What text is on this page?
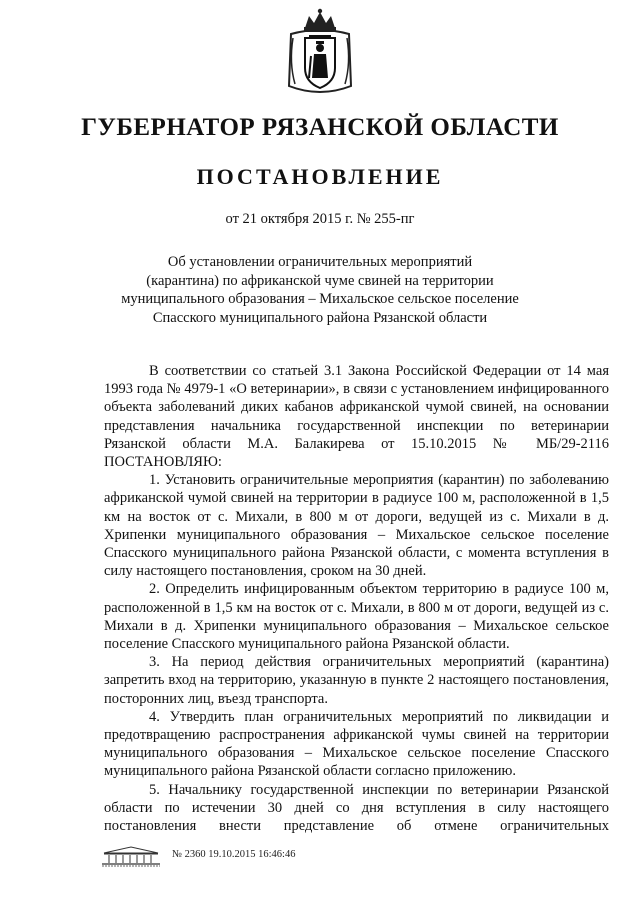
ГУБЕРНАТОР РЯЗАНСКОЙ ОБЛАСТИ
ПОСТАНОВЛЕНИЕ
от 21 октября 2015 г. № 255-пг
Об установлении ограничительных мероприятий
(карантина) по африканской чуме свиней на территории
муниципального образования – Михальское сельское поселение
Спасского муниципального района Рязанской области

В соответствии со статьей 3.1 Закона Российской Федерации от 14 мая 1993 года № 4979-1 «О ветеринарии», в связи с установлением инфицированного объекта заболеваний диких кабанов африканской чумой свиней, на основании представления начальника государственной инспекции по ветеринарии Рязанской области М.А. Балакирева от 15.10.2015 № МБ/29-2116 ПОСТАНОВЛЯЮ:

1. Установить ограничительные мероприятия (карантин) по заболеванию африканской чумой свиней на территории в радиусе 100 м, расположенной в 1,5 км на восток от с. Михали, в 800 м от дороги, ведущей из с. Михали в д. Хрипенки муниципального образования – Михальское сельское поселение Спасского муниципального района Рязанской области, с момента вступления в силу настоящего постановления, сроком на 30 дней.

2. Определить инфицированным объектом территорию в радиусе 100 м, расположенной в 1,5 км на восток от с. Михали, в 800 м от дороги, ведущей из с. Михали в д. Хрипенки муниципального образования – Михальское сельское поселение Спасского муниципального района Рязанской области.

3. На период действия ограничительных мероприятий (карантина) запретить вход на территорию, указанную в пункте 2 настоящего постановления, посторонних лиц, въезд транспорта.

4. Утвердить план ограничительных мероприятий по ликвидации и предотвращению распространения африканской чумы свиней на территории муниципального образования – Михальское сельское поселение Спасского муниципального района Рязанской области согласно приложению.

5. Начальнику государственной инспекции по ветеринарии Рязанской области по истечении 30 дней со дня вступления в силу настоящего постановления внести представление об отмене ограничительных

№ 2360 19.10.2015 16:46:46
